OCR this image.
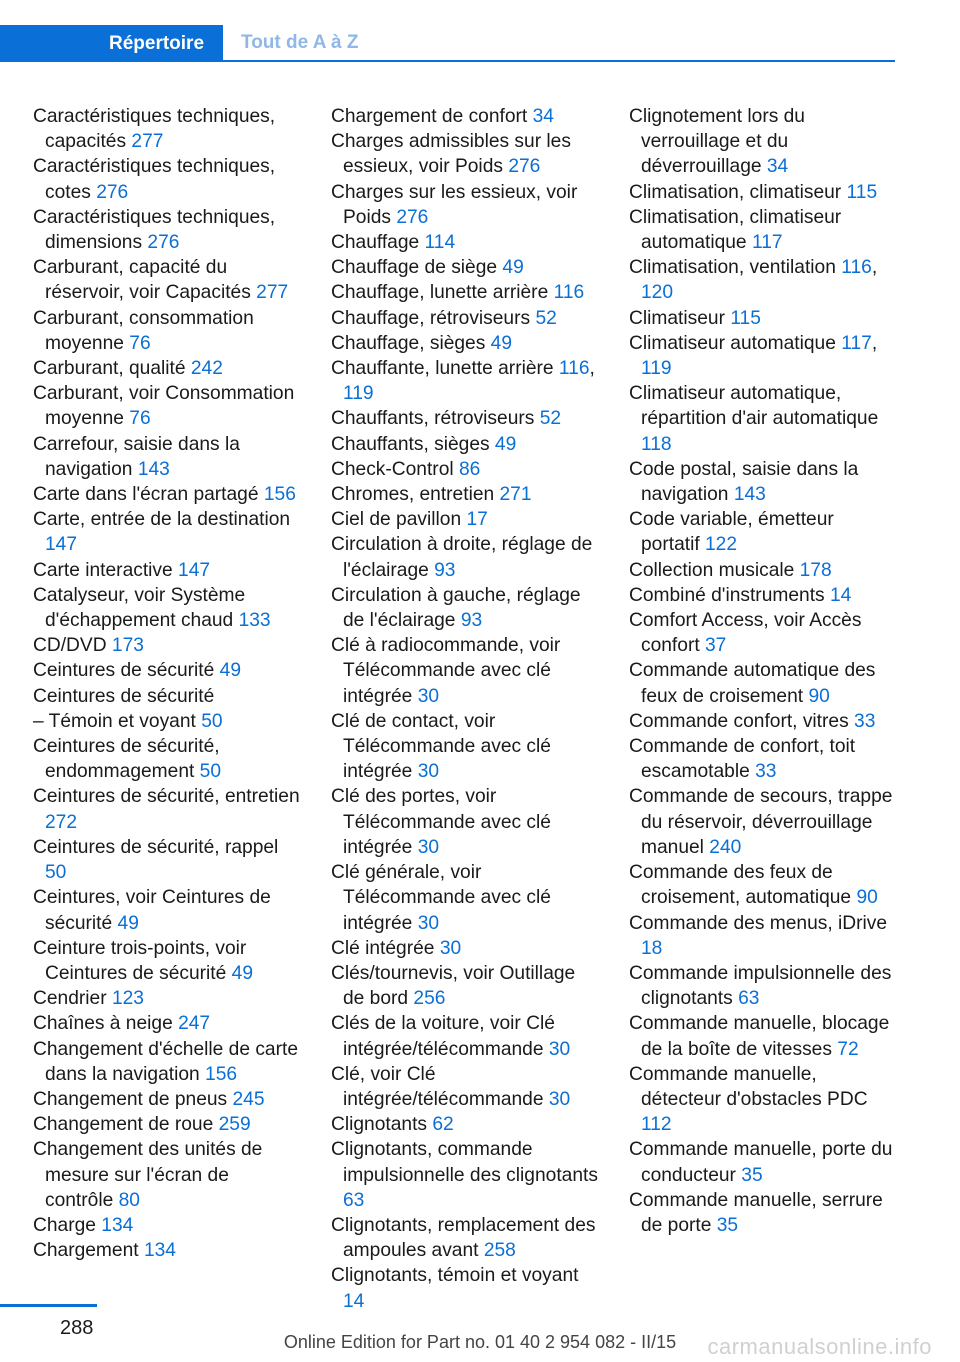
Répertoire Tout de A à Z
Caractéristiques techniques, capacités 277
Caractéristiques techniques, cotes 276
Caractéristiques techniques, dimensions 276
Carburant, capacité du réservoir, voir Capacités 277
Carburant, consommation moyenne 76
Carburant, qualité 242
Carburant, voir Consommation moyenne 76
Carrefour, saisie dans la navigation 143
Carte dans l'écran partagé 156
Carte, entrée de la destination 147
Carte interactive 147
Catalyseur, voir Système d'échappement chaud 133
CD/DVD 173
Ceintures de sécurité 49
Ceintures de sécurité
– Témoin et voyant 50
Ceintures de sécurité, endommagement 50
Ceintures de sécurité, entretien 272
Ceintures de sécurité, rappel 50
Ceintures, voir Ceintures de sécurité 49
Ceinture trois-points, voir Ceintures de sécurité 49
Cendrier 123
Chaînes à neige 247
Changement d'échelle de carte dans la navigation 156
Changement de pneus 245
Changement de roue 259
Changement des unités de mesure sur l'écran de contrôle 80
Charge 134
Chargement 134
Chargement de confort 34
Charges admissibles sur les essieux, voir Poids 276
Charges sur les essieux, voir Poids 276
Chauffage 114
Chauffage de siège 49
Chauffage, lunette arrière 116
Chauffage, rétroviseurs 52
Chauffage, sièges 49
Chauffante, lunette arrière 116, 119
Chauffants, rétroviseurs 52
Chauffants, sièges 49
Check-Control 86
Chromes, entretien 271
Ciel de pavillon 17
Circulation à droite, réglage de l'éclairage 93
Circulation à gauche, réglage de l'éclairage 93
Clé à radiocommande, voir Télécommande avec clé intégrée 30
Clé de contact, voir Télécommande avec clé intégrée 30
Clé des portes, voir Télécommande avec clé intégrée 30
Clé générale, voir Télécommande avec clé intégrée 30
Clé intégrée 30
Clés/tournevis, voir Outillage de bord 256
Clés de la voiture, voir Clé intégrée/télécommande 30
Clé, voir Clé intégrée/télécommande 30
Clignotants 62
Clignotants, commande impulsionnelle des clignotants 63
Clignotants, remplacement des ampoules avant 258
Clignotants, témoin et voyant 14
Clignotement lors du verrouillage et du déverrouillage 34
Climatisation, climatiseur 115
Climatisation, climatiseur automatique 117
Climatisation, ventilation 116, 120
Climatiseur 115
Climatiseur automatique 117, 119
Climatiseur automatique, répartition d'air automatique 118
Code postal, saisie dans la navigation 143
Code variable, émetteur portatif 122
Collection musicale 178
Combiné d'instruments 14
Comfort Access, voir Accès confort 37
Commande automatique des feux de croisement 90
Commande confort, vitres 33
Commande de confort, toit escamotable 33
Commande de secours, trappe du réservoir, déverrouillage manuel 240
Commande des feux de croisement, automatique 90
Commande des menus, iDrive 18
Commande impulsionnelle des clignotants 63
Commande manuelle, blocage de la boîte de vitesses 72
Commande manuelle, détecteur d'obstacles PDC 112
Commande manuelle, porte du conducteur 35
Commande manuelle, serrure de porte 35
288
Online Edition for Part no. 01 40 2 954 082 - II/15	carmanualsonline.info
